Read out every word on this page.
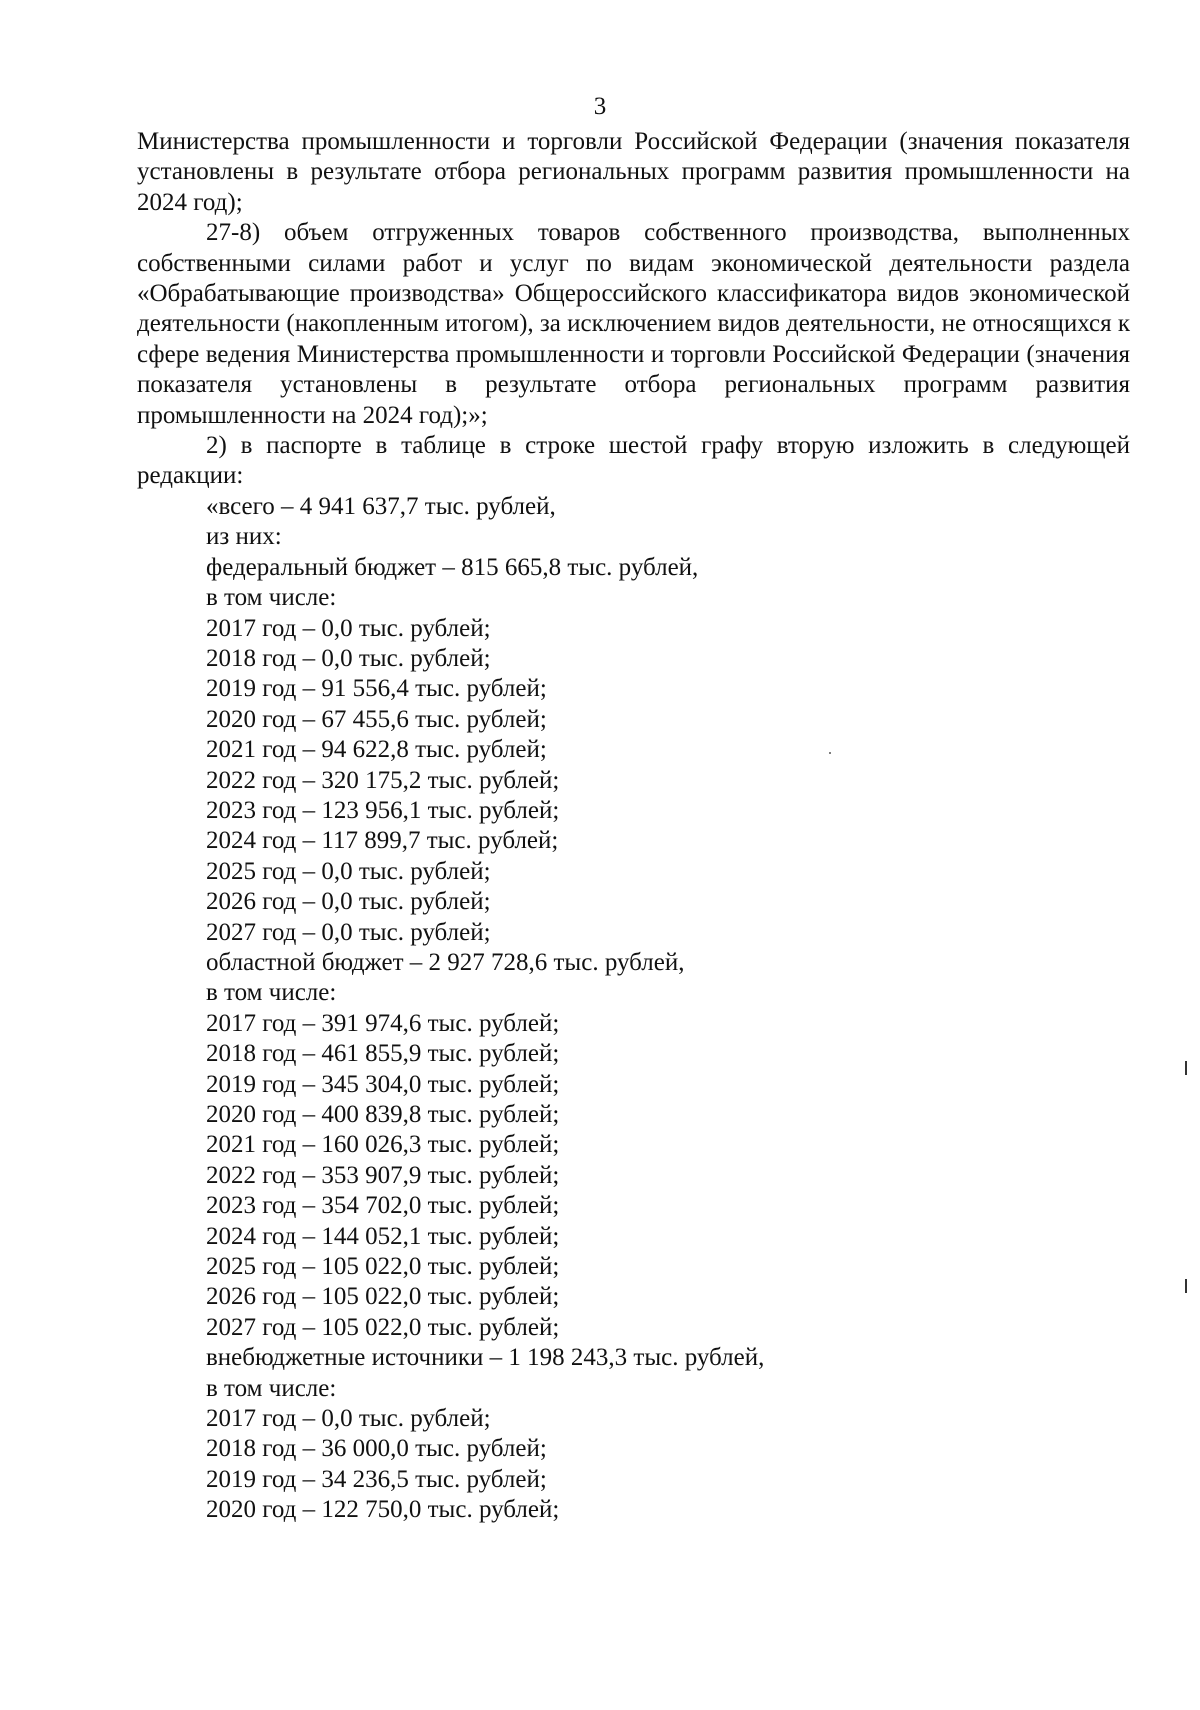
3

Министерства промышленности и торговли Российской Федерации (значения показателя установлены в результате отбора региональных программ развития промышленности на 2024 год);

27-8) объем отгруженных товаров собственного производства, выполненных собственными силами работ и услуг по видам экономической деятельности раздела «Обрабатывающие производства» Общероссийского классификатора видов экономической деятельности (накопленным итогом), за исключением видов деятельности, не относящихся к сфере ведения Министерства промышленности и торговли Российской Федерации (значения показателя установлены в результате отбора региональных программ развития промышленности на 2024 год);»;

2) в паспорте в таблице в строке шестой графу вторую изложить в следующей редакции:

«всего – 4 941 637,7 тыс. рублей,
из них:
федеральный бюджет – 815 665,8 тыс. рублей,
в том числе:
2017 год – 0,0 тыс. рублей;
2018 год – 0,0 тыс. рублей;
2019 год – 91 556,4 тыс. рублей;
2020 год – 67 455,6 тыс. рублей;
2021 год – 94 622,8 тыс. рублей;
2022 год – 320 175,2 тыс. рублей;
2023 год – 123 956,1 тыс. рублей;
2024 год – 117 899,7 тыс. рублей;
2025 год – 0,0 тыс. рублей;
2026 год – 0,0 тыс. рублей;
2027 год – 0,0 тыс. рублей;
областной бюджет – 2 927 728,6 тыс. рублей,
в том числе:
2017 год – 391 974,6 тыс. рублей;
2018 год – 461 855,9 тыс. рублей;
2019 год – 345 304,0 тыс. рублей;
2020 год – 400 839,8 тыс. рублей;
2021 год – 160 026,3 тыс. рублей;
2022 год – 353 907,9 тыс. рублей;
2023 год – 354 702,0 тыс. рублей;
2024 год – 144 052,1 тыс. рублей;
2025 год – 105 022,0 тыс. рублей;
2026 год – 105 022,0 тыс. рублей;
2027 год – 105 022,0 тыс. рублей;
внебюджетные источники – 1 198 243,3 тыс. рублей,
в том числе:
2017 год – 0,0 тыс. рублей;
2018 год – 36 000,0 тыс. рублей;
2019 год – 34 236,5 тыс. рублей;
2020 год – 122 750,0 тыс. рублей;
